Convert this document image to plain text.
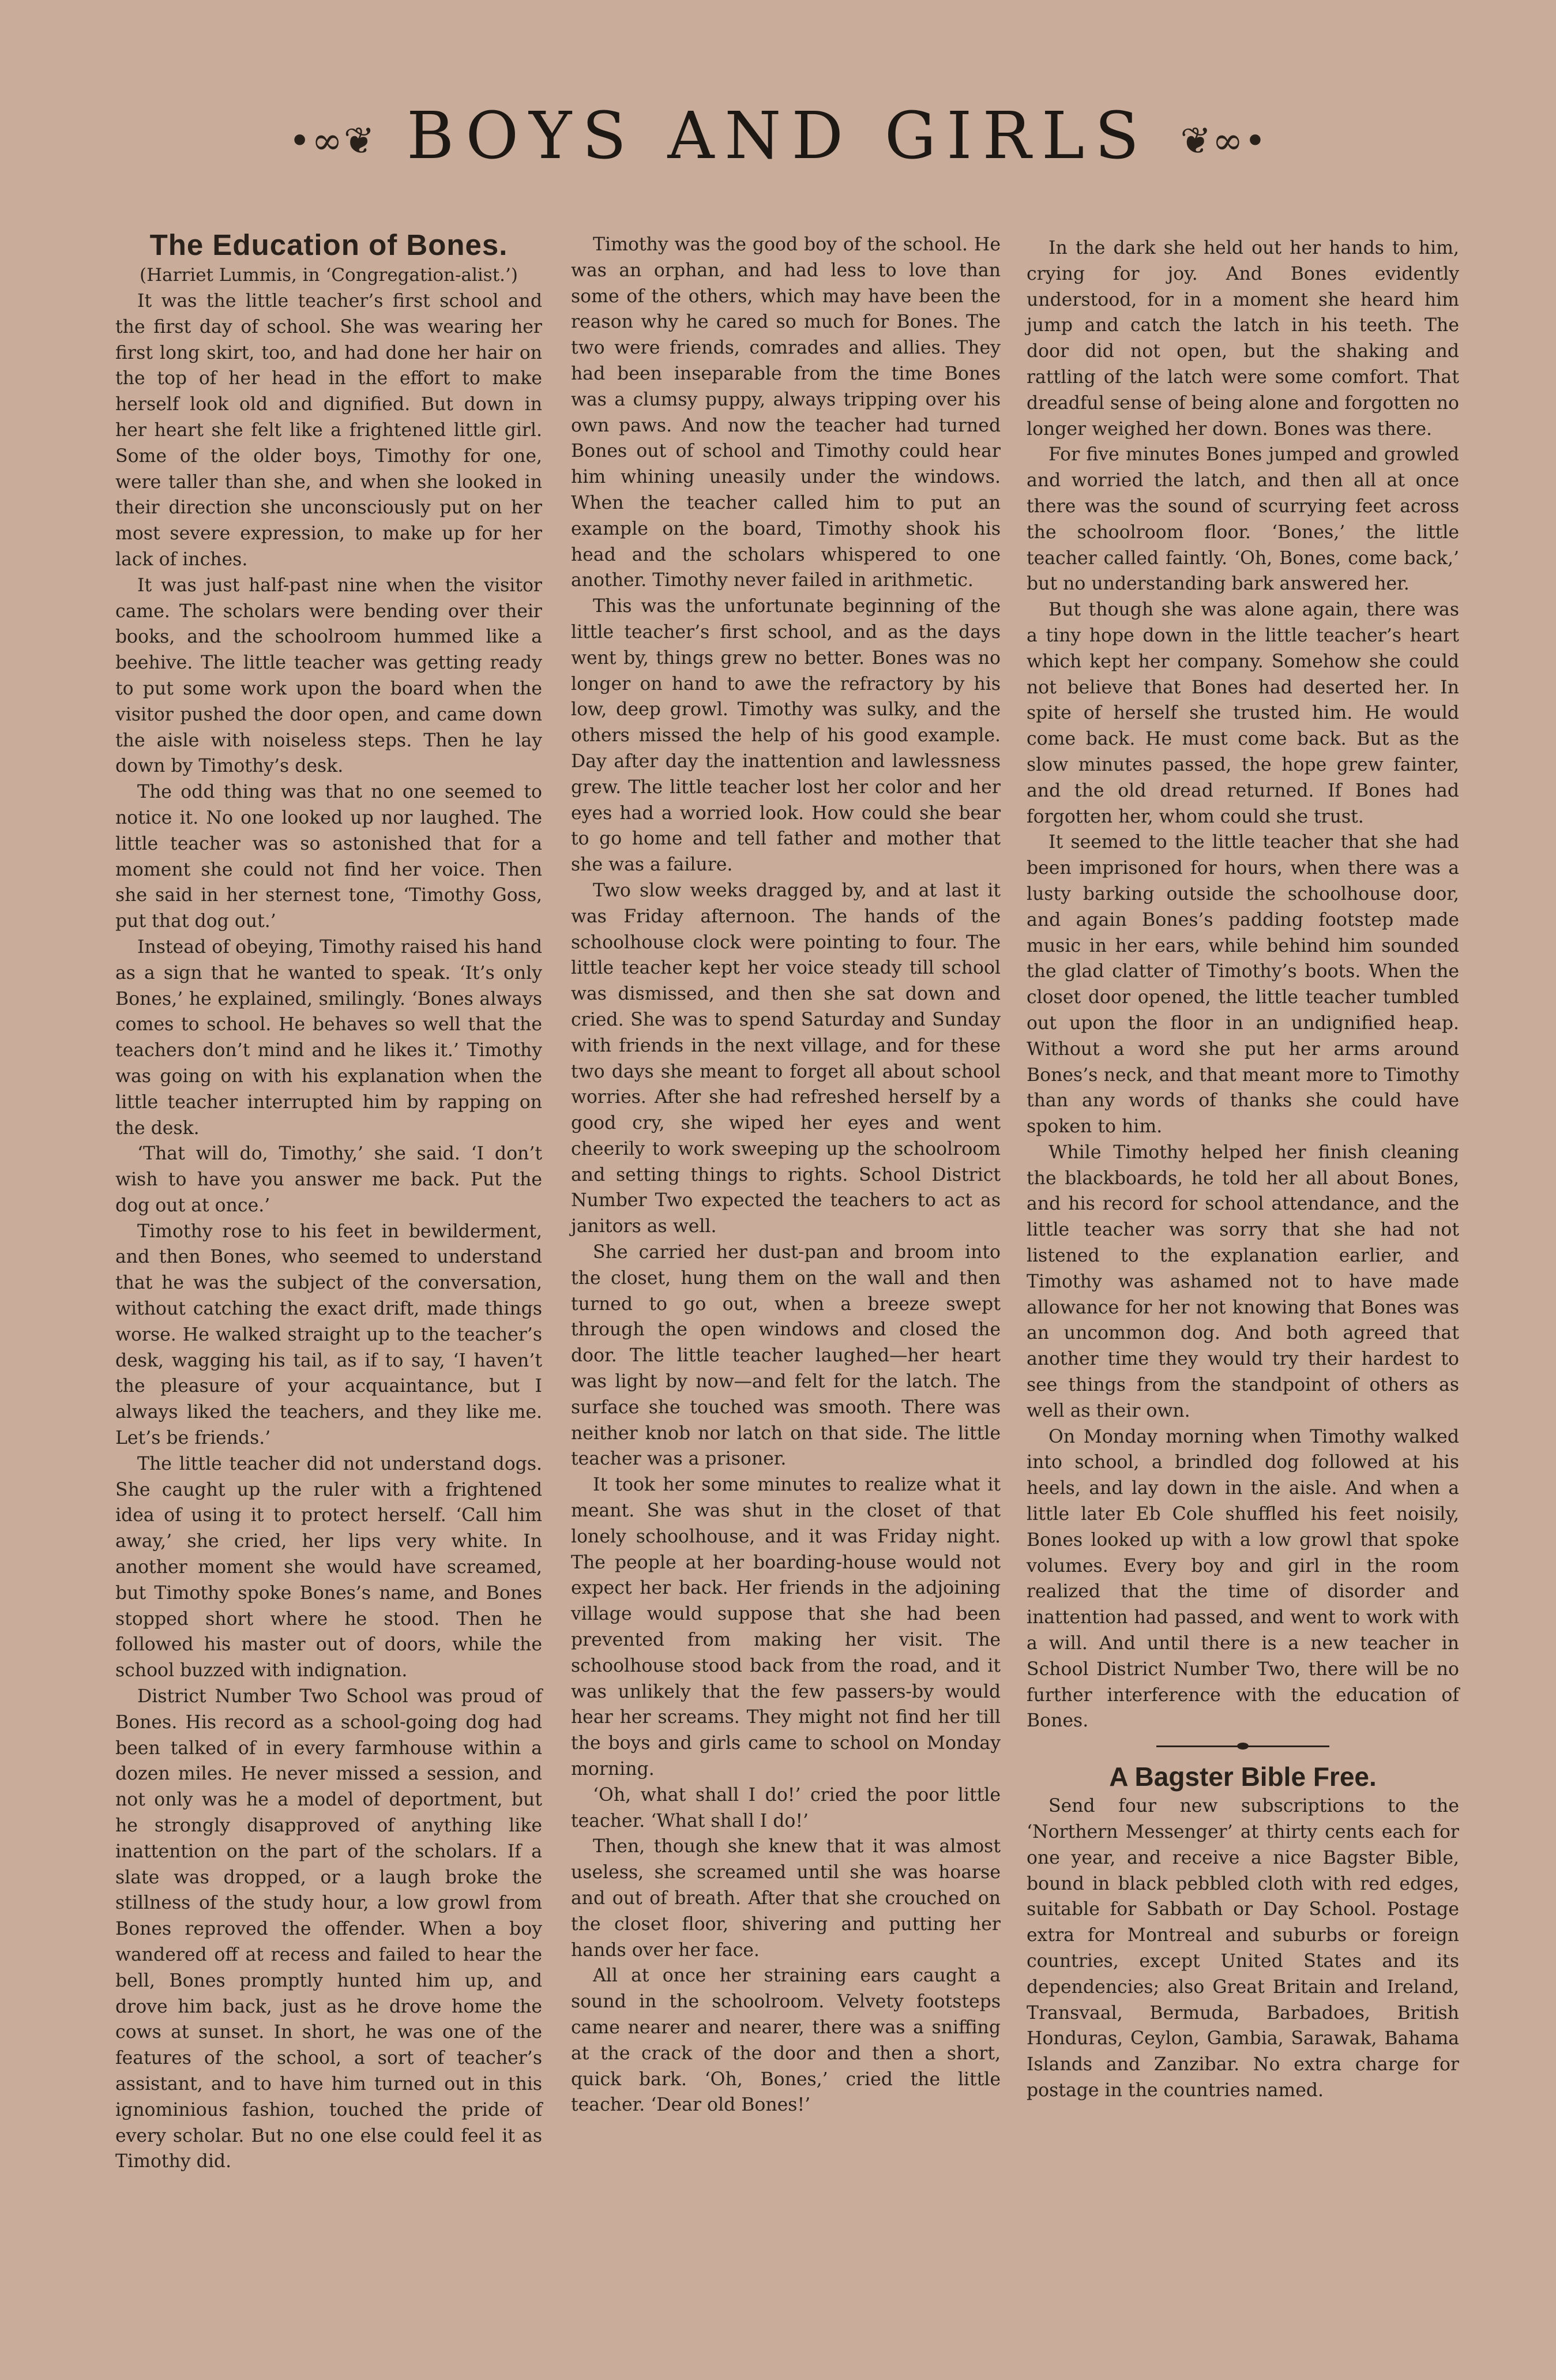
•∞❦ BOYS AND GIRLS ❦∞•

The Education of Bones.

(Harriet Lummis, in ‘Congregation-alist.’)

It was the little teacher’s first school and the first day of school. She was wearing her first long skirt, too, and had done her hair on the top of her head in the effort to make herself look old and dignified. But down in her heart she felt like a frightened little girl. Some of the older boys, Timothy for one, were taller than she, and when she looked in their direction she unconsciously put on her most severe expression, to make up for her lack of inches.

It was just half-past nine when the visitor came. The scholars were bending over their books, and the schoolroom hummed like a beehive. The little teacher was getting ready to put some work upon the board when the visitor pushed the door open, and came down the aisle with noiseless steps. Then he lay down by Timothy’s desk.

The odd thing was that no one seemed to notice it. No one looked up nor laughed. The little teacher was so astonished that for a moment she could not find her voice. Then she said in her sternest tone, ‘Timothy Goss, put that dog out.’

Instead of obeying, Timothy raised his hand as a sign that he wanted to speak. ‘It’s only Bones,’ he explained, smilingly. ‘Bones always comes to school. He behaves so well that the teachers don’t mind and he likes it.’ Timothy was going on with his explanation when the little teacher interrupted him by rapping on the desk.

‘That will do, Timothy,’ she said. ‘I don’t wish to have you answer me back. Put the dog out at once.’

Timothy rose to his feet in bewilderment, and then Bones, who seemed to understand that he was the subject of the conversation, without catching the exact drift, made things worse. He walked straight up to the teacher’s desk, wagging his tail, as if to say, ‘I haven’t the pleasure of your acquaintance, but I always liked the teachers, and they like me. Let’s be friends.’

The little teacher did not understand dogs. She caught up the ruler with a frightened idea of using it to protect herself. ‘Call him away,’ she cried, her lips very white. In another moment she would have screamed, but Timothy spoke Bones’s name, and Bones stopped short where he stood. Then he followed his master out of doors, while the school buzzed with indignation.

District Number Two School was proud of Bones. His record as a school-going dog had been talked of in every farmhouse within a dozen miles. He never missed a session, and not only was he a model of deportment, but he strongly disapproved of anything like inattention on the part of the scholars. If a slate was dropped, or a laugh broke the stillness of the study hour, a low growl from Bones reproved the offender. When a boy wandered off at recess and failed to hear the bell, Bones promptly hunted him up, and drove him back, just as he drove home the cows at sunset. In short, he was one of the features of the school, a sort of teacher’s assistant, and to have him turned out in this ignominious fashion, touched the pride of every scholar. But no one else could feel it as Timothy did.

Timothy was the good boy of the school. He was an orphan, and had less to love than some of the others, which may have been the reason why he cared so much for Bones. The two were friends, comrades and allies. They had been inseparable from the time Bones was a clumsy puppy, always tripping over his own paws. And now the teacher had turned Bones out of school and Timothy could hear him whining uneasily under the windows. When the teacher called him to put an example on the board, Timothy shook his head and the scholars whispered to one another. Timothy never failed in arithmetic.

This was the unfortunate beginning of the little teacher’s first school, and as the days went by, things grew no better. Bones was no longer on hand to awe the refractory by his low, deep growl. Timothy was sulky, and the others missed the help of his good example. Day after day the inattention and lawlessness grew. The little teacher lost her color and her eyes had a worried look. How could she bear to go home and tell father and mother that she was a failure.

Two slow weeks dragged by, and at last it was Friday afternoon. The hands of the schoolhouse clock were pointing to four. The little teacher kept her voice steady till school was dismissed, and then she sat down and cried. She was to spend Saturday and Sunday with friends in the next village, and for these two days she meant to forget all about school worries. After she had refreshed herself by a good cry, she wiped her eyes and went cheerily to work sweeping up the schoolroom and setting things to rights. School District Number Two expected the teachers to act as janitors as well.

She carried her dust-pan and broom into the closet, hung them on the wall and then turned to go out, when a breeze swept through the open windows and closed the door. The little teacher laughed—her heart was light by now—and felt for the latch. The surface she touched was smooth. There was neither knob nor latch on that side. The little teacher was a prisoner.

It took her some minutes to realize what it meant. She was shut in the closet of that lonely schoolhouse, and it was Friday night. The people at her boarding-house would not expect her back. Her friends in the adjoining village would suppose that she had been prevented from making her visit. The schoolhouse stood back from the road, and it was unlikely that the few passers-by would hear her screams. They might not find her till the boys and girls came to school on Monday morning.

‘Oh, what shall I do!’ cried the poor little teacher. ‘What shall I do!’

Then, though she knew that it was almost useless, she screamed until she was hoarse and out of breath. After that she crouched on the closet floor, shivering and putting her hands over her face.

All at once her straining ears caught a sound in the schoolroom. Velvety footsteps came nearer and nearer, there was a sniffing at the crack of the door and then a short, quick bark. ‘Oh, Bones,’ cried the little teacher. ‘Dear old Bones!’

In the dark she held out her hands to him, crying for joy. And Bones evidently understood, for in a moment she heard him jump and catch the latch in his teeth. The door did not open, but the shaking and rattling of the latch were some comfort. That dreadful sense of being alone and forgotten no longer weighed her down. Bones was there.

For five minutes Bones jumped and growled and worried the latch, and then all at once there was the sound of scurrying feet across the schoolroom floor. ‘Bones,’ the little teacher called faintly. ‘Oh, Bones, come back,’ but no understanding bark answered her.

But though she was alone again, there was a tiny hope down in the little teacher’s heart which kept her company. Somehow she could not believe that Bones had deserted her. In spite of herself she trusted him. He would come back. He must come back. But as the slow minutes passed, the hope grew fainter, and the old dread returned. If Bones had forgotten her, whom could she trust.

It seemed to the little teacher that she had been imprisoned for hours, when there was a lusty barking outside the schoolhouse door, and again Bones’s padding footstep made music in her ears, while behind him sounded the glad clatter of Timothy’s boots. When the closet door opened, the little teacher tumbled out upon the floor in an undignified heap. Without a word she put her arms around Bones’s neck, and that meant more to Timothy than any words of thanks she could have spoken to him.

While Timothy helped her finish cleaning the blackboards, he told her all about Bones, and his record for school attendance, and the little teacher was sorry that she had not listened to the explanation earlier, and Timothy was ashamed not to have made allowance for her not knowing that Bones was an uncommon dog. And both agreed that another time they would try their hardest to see things from the standpoint of others as well as their own.

On Monday morning when Timothy walked into school, a brindled dog followed at his heels, and lay down in the aisle. And when a little later Eb Cole shuffled his feet noisily, Bones looked up with a low growl that spoke volumes. Every boy and girl in the room realized that the time of disorder and inattention had passed, and went to work with a will. And until there is a new teacher in School District Number Two, there will be no further interference with the education of Bones.

A Bagster Bible Free.

Send four new subscriptions to the ‘Northern Messenger’ at thirty cents each for one year, and receive a nice Bagster Bible, bound in black pebbled cloth with red edges, suitable for Sabbath or Day School. Postage extra for Montreal and suburbs or foreign countries, except United States and its dependencies; also Great Britain and Ireland, Transvaal, Bermuda, Barbadoes, British Honduras, Ceylon, Gambia, Sarawak, Bahama Islands and Zanzibar. No extra charge for postage in the countries named.
